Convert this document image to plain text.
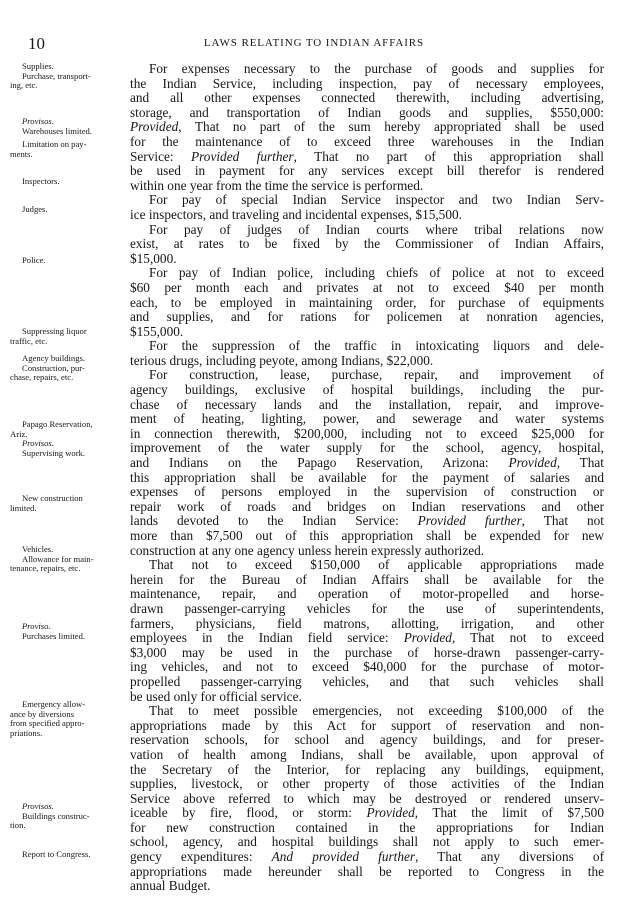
10	LAWS RELATING TO INDIAN AFFAIRS
Supplies.
Purchase, transport-
ing, etc.
Provisos.
Warehouses limited.
Limitation on pay-
ments.
Inspectors.
Judges.
Police.
Suppressing liquor
traffic, etc.
Agency buildings.
Construction, pur-
chase, repairs, etc.
Papago Reservation,
Ariz.
Provisos.
Supervising work.
New construction
limited.
Vehicles.
Allowance for main-
tenance, repairs, etc.
Proviso.
Purchases limited.
Emergency allow-
ance by diversions
from specified appro-
priations.
Provisos.
Buildings construc-
tion.
Report to Congress.
For expenses necessary to the purchase of goods and supplies for
the Indian Service, including inspection, pay of necessary employees,
and all other expenses connected therewith, including advertising,
storage, and transportation of Indian goods and supplies, $550,000:
Provided, That no part of the sum hereby appropriated shall be used
for the maintenance of to exceed three warehouses in the Indian
Service: Provided further, That no part of this appropriation shall
be used in payment for any services except bill therefor is rendered
within one year from the time the service is performed.
For pay of special Indian Service inspector and two Indian Serv-
ice inspectors, and traveling and incidental expenses, $15,500.
For pay of judges of Indian courts where tribal relations now
exist, at rates to be fixed by the Commissioner of Indian Affairs,
$15,000.
For pay of Indian police, including chiefs of police at not to exceed
$60 per month each and privates at not to exceed $40 per month
each, to be employed in maintaining order, for purchase of equipments
and supplies, and for rations for policemen at nonration agencies,
$155,000.
For the suppression of the traffic in intoxicating liquors and dele-
terious drugs, including peyote, among Indians, $22,000.
For construction, lease, purchase, repair, and improvement of
agency buildings, exclusive of hospital buildings, including the pur-
chase of necessary lands and the installation, repair, and improve-
ment of heating, lighting, power, and sewerage and water systems
in connection therewith, $200,000, including not to exceed $25,000 for
improvement of the water supply for the school, agency, hospital,
and Indians on the Papago Reservation, Arizona: Provided, That
this appropriation shall be available for the payment of salaries and
expenses of persons employed in the supervision of construction or
repair work of roads and bridges on Indian reservations and other
lands devoted to the Indian Service: Provided further, That not
more than $7,500 out of this appropriation shall be expended for new
construction at any one agency unless herein expressly authorized.
That not to exceed $150,000 of applicable appropriations made
herein for the Bureau of Indian Affairs shall be available for the
maintenance, repair, and operation of motor-propelled and horse-
drawn passenger-carrying vehicles for the use of superintendents,
farmers, physicians, field matrons, allotting, irrigation, and other
employees in the Indian field service: Provided, That not to exceed
$3,000 may be used in the purchase of horse-drawn passenger-carry-
ing vehicles, and not to exceed $40,000 for the purchase of motor-
propelled passenger-carrying vehicles, and that such vehicles shall
be used only for official service.
That to meet possible emergencies, not exceeding $100,000 of the
appropriations made by this Act for support of reservation and non-
reservation schools, for school and agency buildings, and for preser-
vation of health among Indians, shall be available, upon approval of
the Secretary of the Interior, for replacing any buildings, equipment,
supplies, livestock, or other property of those activities of the Indian
Service above referred to which may be destroyed or rendered unserv-
iceable by fire, flood, or storm: Provided, That the limit of $7,500
for new construction contained in the appropriations for Indian
school, agency, and hospital buildings shall not apply to such emer-
gency expenditures: And provided further, That any diversions of
appropriations made hereunder shall be reported to Congress in the
annual Budget.
